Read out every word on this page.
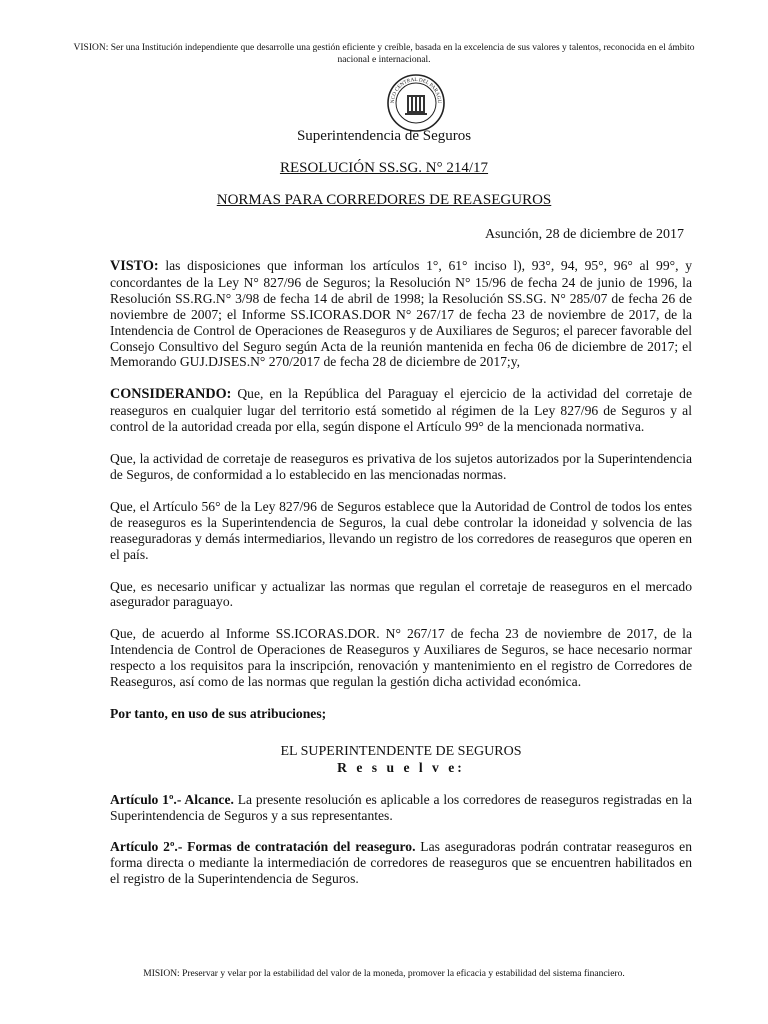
VISION: Ser una Institución independiente que desarrolle una gestión eficiente y creíble, basada en la excelencia de sus valores y talentos, reconocida en el ámbito nacional e internacional.
NCO CENTRAL DEL PARAGU
Superintendencia de Seguros
RESOLUCIÓN SS.SG. N° 214/17
NORMAS PARA CORREDORES DE REASEGUROS
Asunción, 28 de diciembre de 2017

VISTO: las disposiciones que informan los artículos 1°, 61° inciso l), 93°, 94, 95°, 96° al 99°, y concordantes de la Ley N° 827/96 de Seguros; la Resolución N° 15/96 de fecha 24 de junio de 1996, la Resolución SS.RG.N° 3/98 de fecha 14 de abril de 1998; la Resolución SS.SG. N° 285/07 de fecha 26 de noviembre de 2007; el Informe SS.ICORAS.DOR N° 267/17 de fecha 23 de noviembre de 2017, de la Intendencia de Control de Operaciones de Reaseguros y de Auxiliares de Seguros; el parecer favorable del Consejo Consultivo del Seguro según Acta de la reunión mantenida en fecha 06 de diciembre de 2017; el Memorando GUJ.DJSES.N° 270/2017 de fecha 28 de diciembre de 2017;y,

CONSIDERANDO: Que, en la República del Paraguay el ejercicio de la actividad del corretaje de reaseguros en cualquier lugar del territorio está sometido al régimen de la Ley 827/96 de Seguros y al control de la autoridad creada por ella, según dispone el Artículo 99° de la mencionada normativa.

Que, la actividad de corretaje de reaseguros es privativa de los sujetos autorizados por la Superintendencia de Seguros, de conformidad a lo establecido en las mencionadas normas.

Que, el Artículo 56° de la Ley 827/96 de Seguros establece que la Autoridad de Control de todos los entes de reaseguros es la Superintendencia de Seguros, la cual debe controlar la idoneidad y solvencia de las reaseguradoras y demás intermediarios, llevando un registro de los corredores de reaseguros que operen en el país.

Que, es necesario unificar y actualizar las normas que regulan el corretaje de reaseguros en el mercado asegurador paraguayo.

Que, de acuerdo al Informe SS.ICORAS.DOR. N° 267/17 de fecha 23 de noviembre de 2017, de la Intendencia de Control de Operaciones de Reaseguros y Auxiliares de Seguros, se hace necesario normar respecto a los requisitos para la inscripción, renovación y mantenimiento en el registro de Corredores de Reaseguros, así como de las normas que regulan la gestión dicha actividad económica.

Por tanto, en uso de sus atribuciones;

EL SUPERINTENDENTE DE SEGUROS
R e s u e l v e:

Artículo 1º.- Alcance. La presente resolución es aplicable a los corredores de reaseguros registradas en la Superintendencia de Seguros y a sus representantes.

Artículo 2º.- Formas de contratación del reaseguro. Las aseguradoras podrán contratar reaseguros en forma directa o mediante la intermediación de corredores de reaseguros que se encuentren habilitados en el registro de la Superintendencia de Seguros.

MISION: Preservar y velar por la estabilidad del valor de la moneda, promover la eficacia y estabilidad del sistema financiero.
